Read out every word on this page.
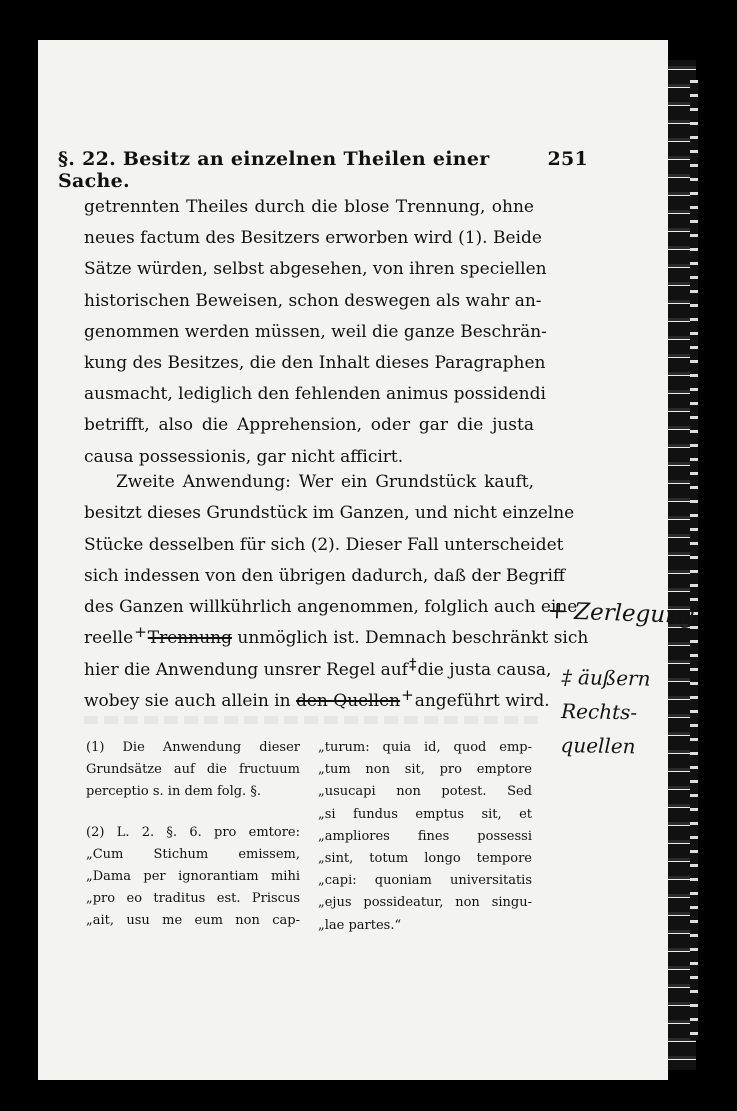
§. 22. Besitz an einzelnen Theilen einer Sache.
251
getrennten Theiles durch die blose Trennung, ohne
neues factum des Besitzers erworben wird (1). Beide
Sätze würden, selbst abgesehen, von ihren speciellen
historischen Beweisen, schon deswegen als wahr an-
genommen werden müssen, weil die ganze Beschrän-
kung des Besitzes, die den Inhalt dieses Paragraphen
ausmacht, lediglich den fehlenden animus possidendi
betrifft, also die Apprehension, oder gar die justa
causa possessionis, gar nicht afficirt.
Zweite Anwendung: Wer ein Grundstück kauft,
besitzt dieses Grundstück im Ganzen, und nicht einzelne
Stücke desselben für sich (2). Dieser Fall unterscheidet
sich indessen von den übrigen dadurch, daß der Begriff
des Ganzen willkührlich angenommen, folglich auch eine
reelle+Trennung unmöglich ist. Demnach beschränkt sich
hier die Anwendung unsrer Regel auf‡die justa causa,
wobey sie auch allein in den Quellen+angeführt wird.
(1) Die Anwendung dieser
Grundsätze auf die fructuum
perceptio s. in dem folg. §.
(2) L. 2. §. 6. pro emtore:
„Cum Stichum emissem,
„Dama per ignorantiam mihi
„pro eo traditus est. Priscus
„ait, usu me eum non cap-
„turum: quia id, quod emp-
„tum non sit, pro emptore
„usucapi non potest. Sed
„si fundus emptus sit, et
„ampliores fines possessi
„sint, totum longo tempore
„capi: quoniam universitatis
„ejus possideatur, non singu-
„lae partes.“
+ Zerlegung
‡ äußern Rechts-quellen
